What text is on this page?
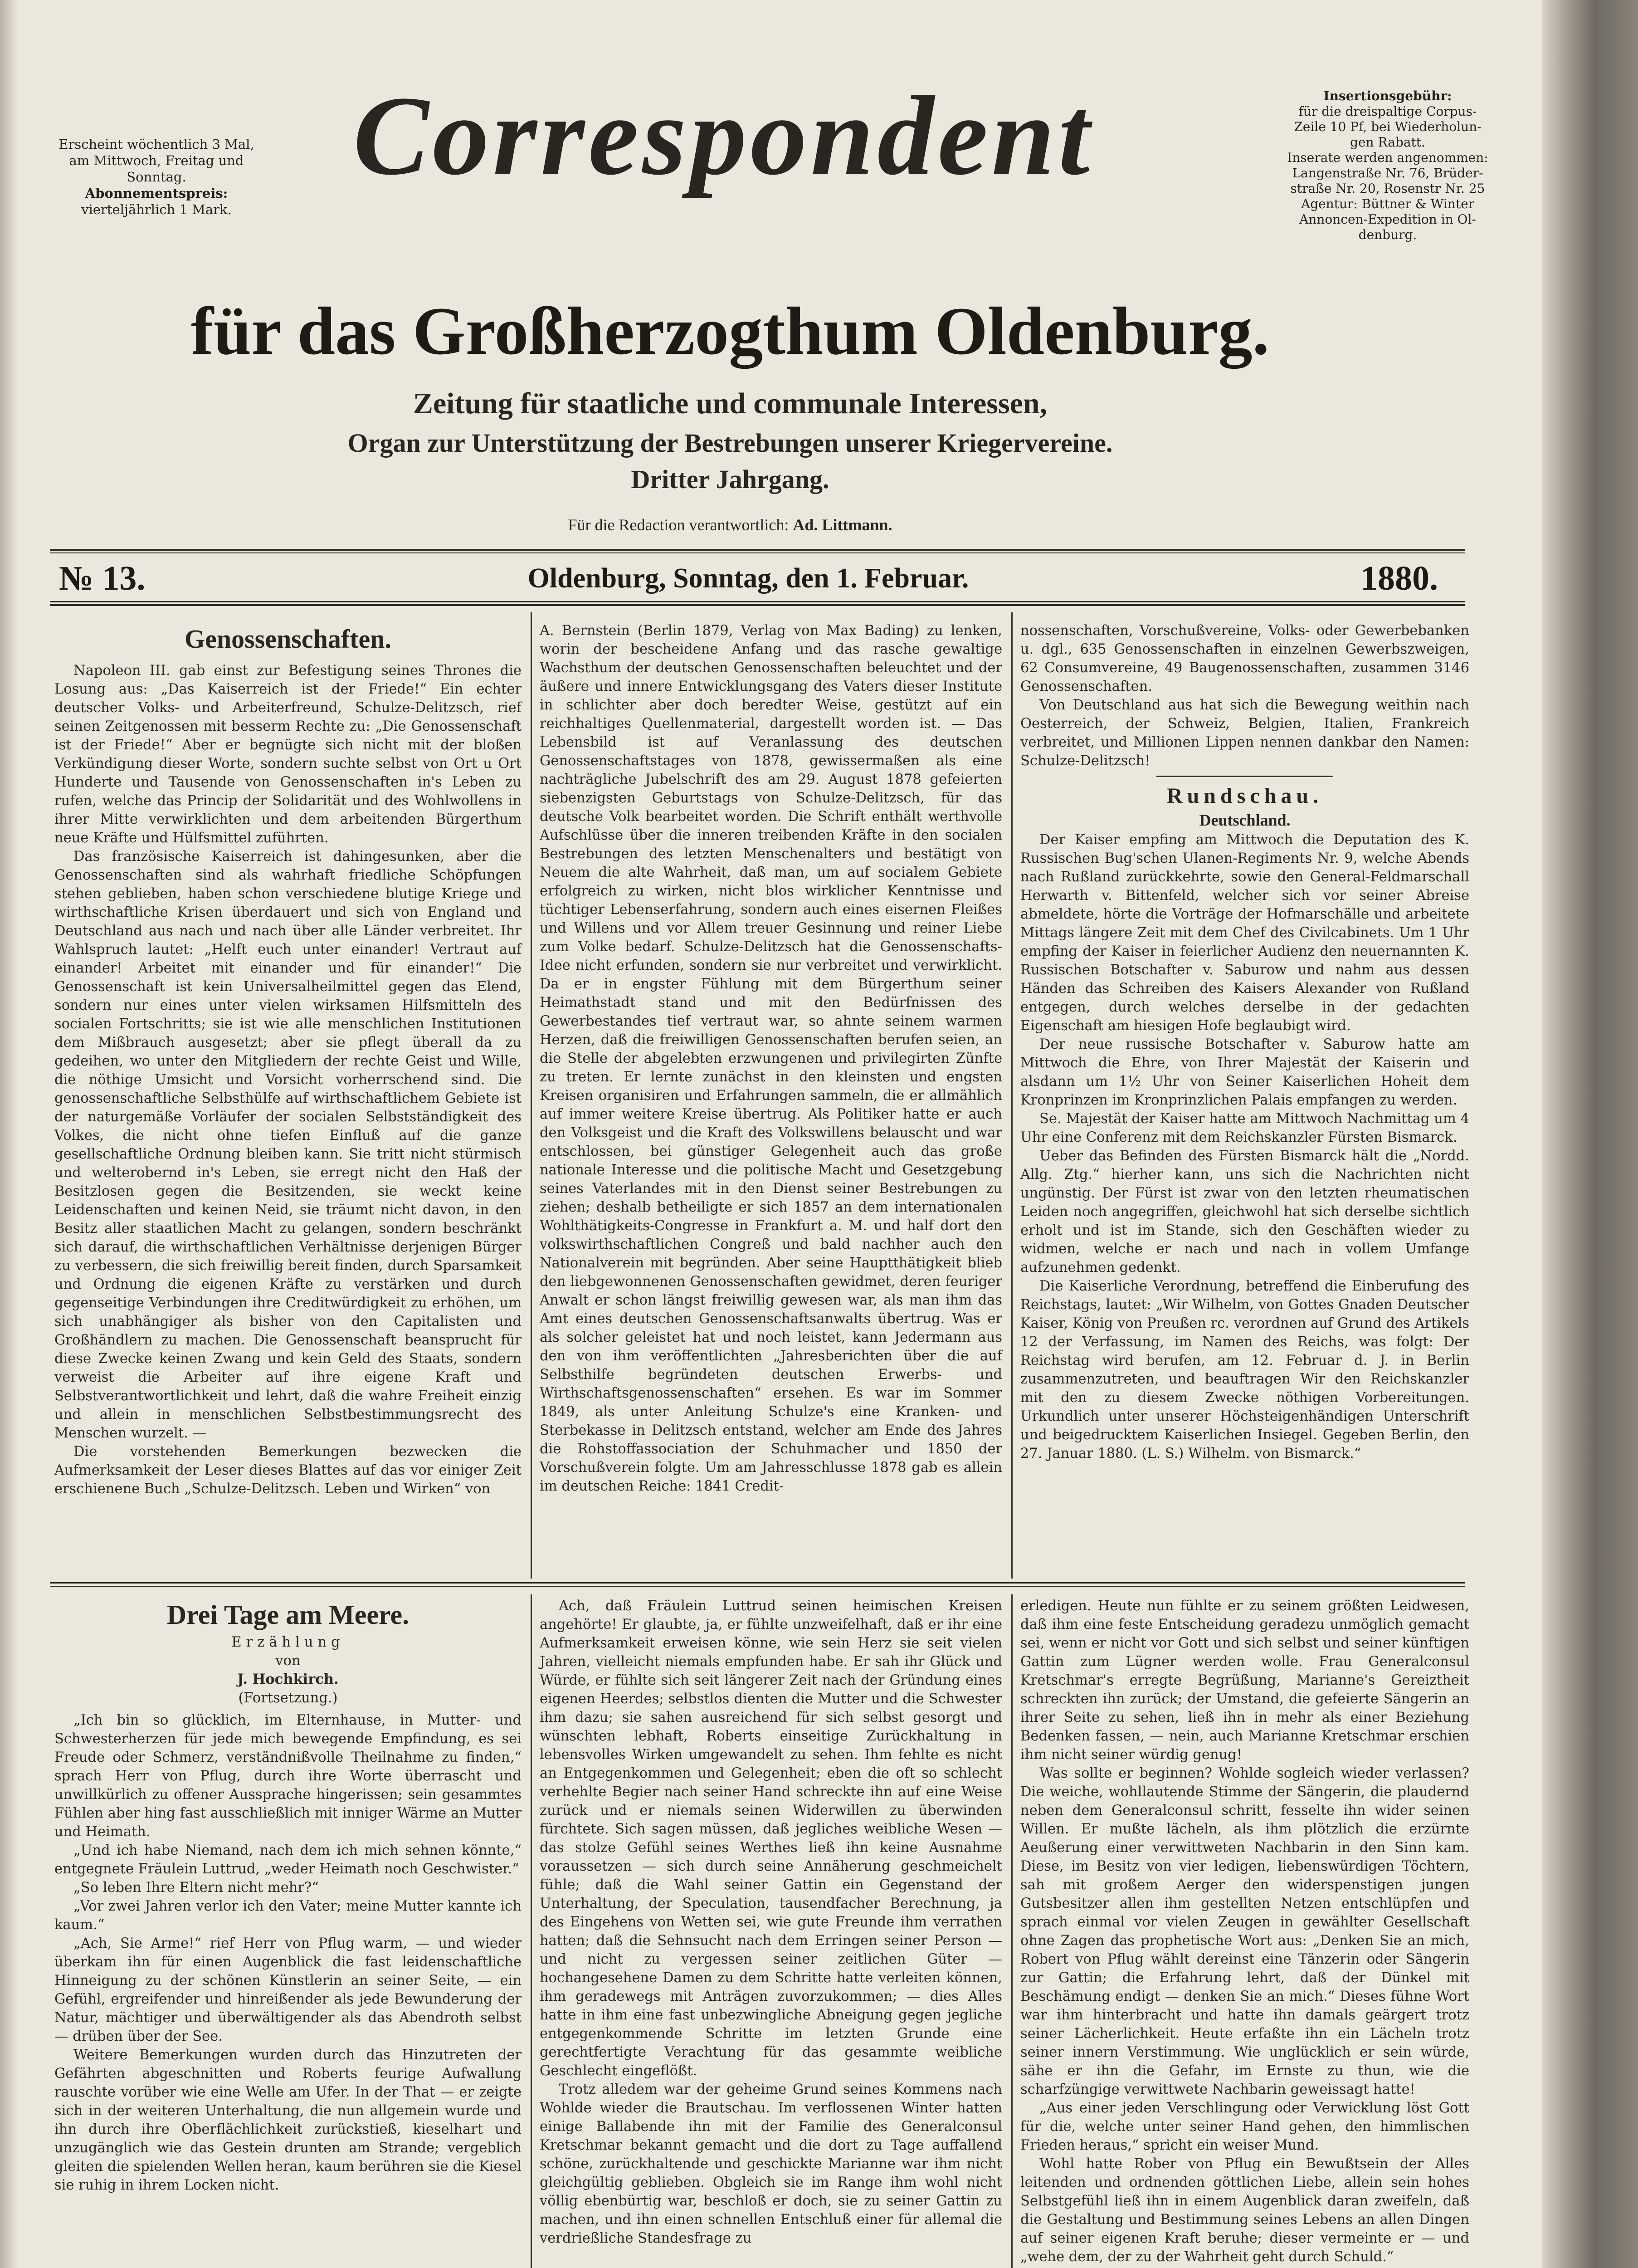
Erscheint wöchentlich 3 Mal,
am Mittwoch, Freitag und
Sonntag.
Abonnementspreis:
vierteljährlich 1 Mark.
Insertionsgebühr:
für die dreispaltige Corpus-
Zeile 10 Pf, bei Wiederholun-
gen Rabatt.
Inserate werden angenommen:
Langenstraße Nr. 76, Brüder-
straße Nr. 20, Rosenstr Nr. 25
Agentur: Büttner & Winter
Annoncen-Expedition in Ol-
denburg.
Correspondent
für das Großherzogthum Oldenburg.
Zeitung für staatliche und communale Interessen,
Organ zur Unterstützung der Bestrebungen unserer Kriegervereine.
Dritter Jahrgang.
Für die Redaction verantwortlich: Ad. Littmann.
№ 13.	Oldenburg, Sonntag, den 1. Februar.	1880.

Genossenschaften.

Napoleon III. gab einst zur Befestigung seines Thrones die Losung aus: „Das Kaiserreich ist der Friede!“ Ein echter deutscher Volks- und Arbeiterfreund, Schulze-Delitzsch, rief seinen Zeitgenossen mit besserm Rechte zu: „Die Genossenschaft ist der Friede!“ Aber er begnügte sich nicht mit der bloßen Verkündigung dieser Worte, sondern suchte selbst von Ort u Ort Hunderte und Tausende von Genossenschaften in's Leben zu rufen, welche das Princip der Solidarität und des Wohlwollens in ihrer Mitte verwirklichten und dem arbeitenden Bürgerthum neue Kräfte und Hülfsmittel zuführten.

Das französische Kaiserreich ist dahingesunken, aber die Genossenschaften sind als wahrhaft friedliche Schöpfungen stehen geblieben, haben schon verschiedene blutige Kriege und wirthschaftliche Krisen überdauert und sich von England und Deutschland aus nach und nach über alle Länder verbreitet. Ihr Wahlspruch lautet: „Helft euch unter einander! Vertraut auf einander! Arbeitet mit einander und für einander!“ Die Genossenschaft ist kein Universalheilmittel gegen das Elend, sondern nur eines unter vielen wirksamen Hilfsmitteln des socialen Fortschritts; sie ist wie alle menschlichen Institutionen dem Mißbrauch ausgesetzt; aber sie pflegt überall da zu gedeihen, wo unter den Mitgliedern der rechte Geist und Wille, die nöthige Umsicht und Vorsicht vorherrschend sind. Die genossenschaftliche Selbsthülfe auf wirthschaftlichem Gebiete ist der naturgemäße Vorläufer der socialen Selbstständigkeit des Volkes, die nicht ohne tiefen Einfluß auf die ganze gesellschaftliche Ordnung bleiben kann. Sie tritt nicht stürmisch und welterobernd in's Leben, sie erregt nicht den Haß der Besitzlosen gegen die Besitzenden, sie weckt keine Leidenschaften und keinen Neid, sie träumt nicht davon, in den Besitz aller staatlichen Macht zu gelangen, sondern beschränkt sich darauf, die wirthschaftlichen Verhältnisse derjenigen Bürger zu verbessern, die sich freiwillig bereit finden, durch Sparsamkeit und Ordnung die eigenen Kräfte zu verstärken und durch gegenseitige Verbindungen ihre Creditwürdigkeit zu erhöhen, um sich unabhängiger als bisher von den Capitalisten und Großhändlern zu machen. Die Genossenschaft beansprucht für diese Zwecke keinen Zwang und kein Geld des Staats, sondern verweist die Arbeiter auf ihre eigene Kraft und Selbstverantwortlichkeit und lehrt, daß die wahre Freiheit einzig und allein in menschlichen Selbstbestimmungsrecht des Menschen wurzelt. —

Die vorstehenden Bemerkungen bezwecken die Aufmerksamkeit der Leser dieses Blattes auf das vor einiger Zeit erschienene Buch „Schulze-Delitzsch. Leben und Wirken“ von

A. Bernstein (Berlin 1879, Verlag von Max Bading) zu lenken, worin der bescheidene Anfang und das rasche gewaltige Wachsthum der deutschen Genossenschaften beleuchtet und der äußere und innere Entwicklungsgang des Vaters dieser Institute in schlichter aber doch beredter Weise, gestützt auf ein reichhaltiges Quellenmaterial, dargestellt worden ist. — Das Lebensbild ist auf Veranlassung des deutschen Genossenschaftstages von 1878, gewissermaßen als eine nachträgliche Jubelschrift des am 29. August 1878 gefeierten siebenzigsten Geburtstags von Schulze-Delitzsch, für das deutsche Volk bearbeitet worden. Die Schrift enthält werthvolle Aufschlüsse über die inneren treibenden Kräfte in den socialen Bestrebungen des letzten Menschenalters und bestätigt von Neuem die alte Wahrheit, daß man, um auf socialem Gebiete erfolgreich zu wirken, nicht blos wirklicher Kenntnisse und tüchtiger Lebenserfahrung, sondern auch eines eisernen Fleißes und Willens und vor Allem treuer Gesinnung und reiner Liebe zum Volke bedarf. Schulze-Delitzsch hat die Genossenschafts-Idee nicht erfunden, sondern sie nur verbreitet und verwirklicht. Da er in engster Fühlung mit dem Bürgerthum seiner Heimathstadt stand und mit den Bedürfnissen des Gewerbestandes tief vertraut war, so ahnte seinem warmen Herzen, daß die freiwilligen Genossenschaften berufen seien, an die Stelle der abgelebten erzwungenen und privilegirten Zünfte zu treten. Er lernte zunächst in den kleinsten und engsten Kreisen organisiren und Erfahrungen sammeln, die er allmählich auf immer weitere Kreise übertrug. Als Politiker hatte er auch den Volksgeist und die Kraft des Volkswillens belauscht und war entschlossen, bei günstiger Gelegenheit auch das große nationale Interesse und die politische Macht und Gesetzgebung seines Vaterlandes mit in den Dienst seiner Bestrebungen zu ziehen; deshalb betheiligte er sich 1857 an dem internationalen Wohlthätigkeits-Congresse in Frankfurt a. M. und half dort den volkswirthschaftlichen Congreß und bald nachher auch den Nationalverein mit begründen. Aber seine Hauptthätigkeit blieb den liebgewonnenen Genossenschaften gewidmet, deren feuriger Anwalt er schon längst freiwillig gewesen war, als man ihm das Amt eines deutschen Genossenschaftsanwalts übertrug. Was er als solcher geleistet hat und noch leistet, kann Jedermann aus den von ihm veröffentlichten „Jahresberichten über die auf Selbsthilfe begründeten deutschen Erwerbs- und Wirthschaftsgenossenschaften“ ersehen. Es war im Sommer 1849, als unter Anleitung Schulze's eine Kranken- und Sterbekasse in Delitzsch entstand, welcher am Ende des Jahres die Rohstoffassociation der Schuhmacher und 1850 der Vorschußverein folgte. Um am Jahresschlusse 1878 gab es allein im deutschen Reiche: 1841 Credit-

nossenschaften, Vorschußvereine, Volks- oder Gewerbebanken u. dgl., 635 Genossenschaften in einzelnen Gewerbszweigen, 62 Consumvereine, 49 Baugenossenschaften, zusammen 3146 Genossenschaften.

Von Deutschland aus hat sich die Bewegung weithin nach Oesterreich, der Schweiz, Belgien, Italien, Frankreich verbreitet, und Millionen Lippen nennen dankbar den Namen: Schulze-Delitzsch!

Rundschau.

Deutschland.

Der Kaiser empfing am Mittwoch die Deputation des K. Russischen Bug'schen Ulanen-Regiments Nr. 9, welche Abends nach Rußland zurückkehrte, sowie den General-Feldmarschall Herwarth v. Bittenfeld, welcher sich vor seiner Abreise abmeldete, hörte die Vorträge der Hofmarschälle und arbeitete Mittags längere Zeit mit dem Chef des Civilcabinets. Um 1 Uhr empfing der Kaiser in feierlicher Audienz den neuernannten K. Russischen Botschafter v. Saburow und nahm aus dessen Händen das Schreiben des Kaisers Alexander von Rußland entgegen, durch welches derselbe in der gedachten Eigenschaft am hiesigen Hofe beglaubigt wird.

Der neue russische Botschafter v. Saburow hatte am Mittwoch die Ehre, von Ihrer Majestät der Kaiserin und alsdann um 1½ Uhr von Seiner Kaiserlichen Hoheit dem Kronprinzen im Kronprinzlichen Palais empfangen zu werden.

Se. Majestät der Kaiser hatte am Mittwoch Nachmittag um 4 Uhr eine Conferenz mit dem Reichskanzler Fürsten Bismarck.

Ueber das Befinden des Fürsten Bismarck hält die „Nordd. Allg. Ztg.“ hierher kann, uns sich die Nachrichten nicht ungünstig. Der Fürst ist zwar von den letzten rheumatischen Leiden noch angegriffen, gleichwohl hat sich derselbe sichtlich erholt und ist im Stande, sich den Geschäften wieder zu widmen, welche er nach und nach in vollem Umfange aufzunehmen gedenkt.

Die Kaiserliche Verordnung, betreffend die Einberufung des Reichstags, lautet: „Wir Wilhelm, von Gottes Gnaden Deutscher Kaiser, König von Preußen rc. verordnen auf Grund des Artikels 12 der Verfassung, im Namen des Reichs, was folgt: Der Reichstag wird berufen, am 12. Februar d. J. in Berlin zusammenzutreten, und beauftragen Wir den Reichskanzler mit den zu diesem Zwecke nöthigen Vorbereitungen. Urkundlich unter unserer Höchsteigenhändigen Unterschrift und beigedrucktem Kaiserlichen Insiegel. Gegeben Berlin, den 27. Januar 1880. (L. S.) Wilhelm. von Bismarck.“

Drei Tage am Meere.

Erzählung

von

J. Hochkirch.

(Fortsetzung.)

„Ich bin so glücklich, im Elternhause, in Mutter- und Schwesterherzen für jede mich bewegende Empfindung, es sei Freude oder Schmerz, verständnißvolle Theilnahme zu finden,“ sprach Herr von Pflug, durch ihre Worte überrascht und unwillkürlich zu offener Aussprache hingerissen; sein gesammtes Fühlen aber hing fast ausschließlich mit inniger Wärme an Mutter und Heimath.

„Und ich habe Niemand, nach dem ich mich sehnen könnte,“ entgegnete Fräulein Luttrud, „weder Heimath noch Geschwister.“

„So leben Ihre Eltern nicht mehr?“

„Vor zwei Jahren verlor ich den Vater; meine Mutter kannte ich kaum.“

„Ach, Sie Arme!“ rief Herr von Pflug warm, — und wieder überkam ihn für einen Augenblick die fast leidenschaftliche Hinneigung zu der schönen Künstlerin an seiner Seite, — ein Gefühl, ergreifender und hinreißender als jede Bewunderung der Natur, mächtiger und überwältigender als das Abendroth selbst — drüben über der See.

Weitere Bemerkungen wurden durch das Hinzutreten der Gefährten abgeschnitten und Roberts feurige Aufwallung rauschte vorüber wie eine Welle am Ufer. In der That — er zeigte sich in der weiteren Unterhaltung, die nun allgemein wurde und ihn durch ihre Oberflächlichkeit zurückstieß, kieselhart und unzugänglich wie das Gestein drunten am Strande; vergeblich gleiten die spielenden Wellen heran, kaum berühren sie die Kiesel sie ruhig in ihrem Locken nicht.

Ach, daß Fräulein Luttrud seinen heimischen Kreisen angehörte! Er glaubte, ja, er fühlte unzweifelhaft, daß er ihr eine Aufmerksamkeit erweisen könne, wie sein Herz sie seit vielen Jahren, vielleicht niemals empfunden habe. Er sah ihr Glück und Würde, er fühlte sich seit längerer Zeit nach der Gründung eines eigenen Heerdes; selbstlos dienten die Mutter und die Schwester ihm dazu; sie sahen ausreichend für sich selbst gesorgt und wünschten lebhaft, Roberts einseitige Zurückhaltung in lebensvolles Wirken umgewandelt zu sehen. Ihm fehlte es nicht an Entgegenkommen und Gelegenheit; eben die oft so schlecht verhehlte Begier nach seiner Hand schreckte ihn auf eine Weise zurück und er niemals seinen Widerwillen zu überwinden fürchtete. Sich sagen müssen, daß jegliches weibliche Wesen — das stolze Gefühl seines Werthes ließ ihn keine Ausnahme voraussetzen — sich durch seine Annäherung geschmeichelt fühle; daß die Wahl seiner Gattin ein Gegenstand der Unterhaltung, der Speculation, tausendfacher Berechnung, ja des Eingehens von Wetten sei, wie gute Freunde ihm verrathen hatten; daß die Sehnsucht nach dem Erringen seiner Person — und nicht zu vergessen seiner zeitlichen Güter — hochangesehene Damen zu dem Schritte hatte verleiten können, ihm geradewegs mit Anträgen zuvorzukommen; — dies Alles hatte in ihm eine fast unbezwingliche Abneigung gegen jegliche entgegenkommende Schritte im letzten Grunde eine gerechtfertigte Verachtung für das gesammte weibliche Geschlecht eingeflößt.

Trotz alledem war der geheime Grund seines Kommens nach Wohlde wieder die Brautschau. Im verflossenen Winter hatten einige Ballabende ihn mit der Familie des Generalconsul Kretschmar bekannt gemacht und die dort zu Tage auffallend schöne, zurückhaltende und geschickte Marianne war ihm nicht gleichgültig geblieben. Obgleich sie im Range ihm wohl nicht völlig ebenbürtig war, beschloß er doch, sie zu seiner Gattin zu machen, und ihn einen schnellen Entschluß einer für allemal die verdrießliche Standesfrage zu

erledigen. Heute nun fühlte er zu seinem größten Leidwesen, daß ihm eine feste Entscheidung geradezu unmöglich gemacht sei, wenn er nicht vor Gott und sich selbst und seiner künftigen Gattin zum Lügner werden wolle. Frau Generalconsul Kretschmar's erregte Begrüßung, Marianne's Gereiztheit schreckten ihn zurück; der Umstand, die gefeierte Sängerin an ihrer Seite zu sehen, ließ ihn in mehr als einer Beziehung Bedenken fassen, — nein, auch Marianne Kretschmar erschien ihm nicht seiner würdig genug!

Was sollte er beginnen? Wohlde sogleich wieder verlassen? Die weiche, wohllautende Stimme der Sängerin, die plaudernd neben dem Generalconsul schritt, fesselte ihn wider seinen Willen. Er mußte lächeln, als ihm plötzlich die erzürnte Aeußerung einer verwittweten Nachbarin in den Sinn kam. Diese, im Besitz von vier ledigen, liebenswürdigen Töchtern, sah mit großem Aerger den widerspenstigen jungen Gutsbesitzer allen ihm gestellten Netzen entschlüpfen und sprach einmal vor vielen Zeugen in gewählter Gesellschaft ohne Zagen das prophetische Wort aus: „Denken Sie an mich, Robert von Pflug wählt dereinst eine Tänzerin oder Sängerin zur Gattin; die Erfahrung lehrt, daß der Dünkel mit Beschämung endigt — denken Sie an mich.“ Dieses fühne Wort war ihm hinterbracht und hatte ihn damals geärgert trotz seiner Lächerlichkeit. Heute erfaßte ihn ein Lächeln trotz seiner innern Verstimmung. Wie unglücklich er sein würde, sähe er ihn die Gefahr, im Ernste zu thun, wie die scharfzüngige verwittwete Nachbarin geweissagt hatte!

„Aus einer jeden Verschlingung oder Verwicklung löst Gott für die, welche unter seiner Hand gehen, den himmlischen Frieden heraus,“ spricht ein weiser Mund.

Wohl hatte Rober von Pflug ein Bewußtsein der Alles leitenden und ordnenden göttlichen Liebe, allein sein hohes Selbstgefühl ließ ihn in einem Augenblick daran zweifeln, daß die Gestaltung und Bestimmung seines Lebens an allen Dingen auf seiner eigenen Kraft beruhe; dieser vermeinte er — und „wehe dem, der zu der Wahrheit geht durch Schuld.“
